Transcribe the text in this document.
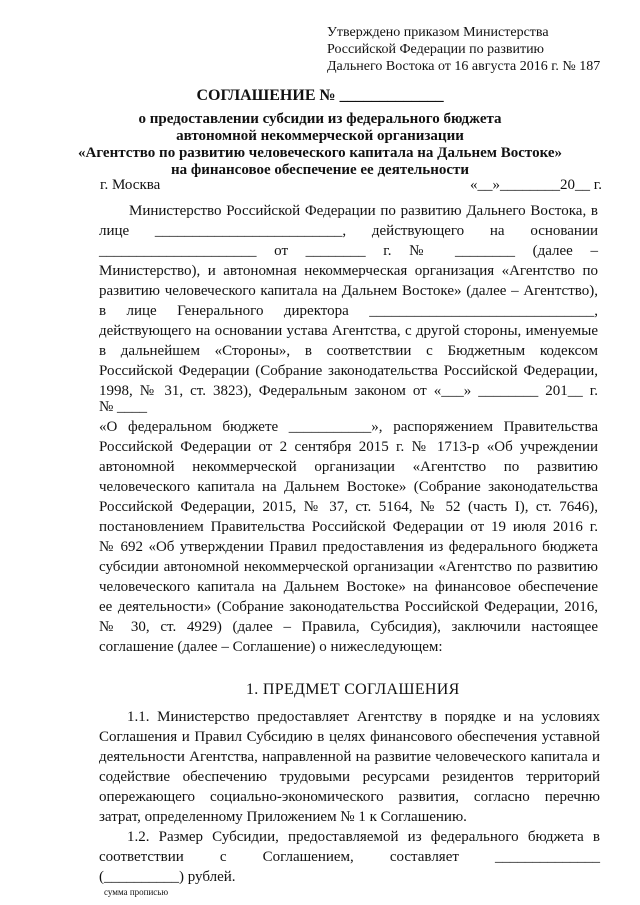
Утверждено приказом Министерства
Российской Федерации по развитию
Дальнего Востока от 16 августа 2016 г. № 187
СОГЛАШЕНИЕ № _____________
о предоставлении субсидии из федерального бюджета
автономной некоммерческой организации
«Агентство по развитию человеческого капитала на Дальнем Востоке»
на финансовое обеспечение ее деятельности
г. Москва	«__»________20__ г.
Министерство Российской Федерации по развитию Дальнего Востока, в
лице _________________________, действующего на основании
_____________________ от ________ г. № ________ (далее –
Министерство), и автономная некоммерческая организация «Агентство по
развитию человеческого капитала на Дальнем Востоке» (далее – Агентство),
в лице Генерального директора ______________________________,
действующего на основании устава Агентства, с другой стороны, именуемые
в дальнейшем «Стороны», в соответствии с Бюджетным кодексом
Российской Федерации (Собрание законодательства Российской Федерации,
1998, № 31, ст. 3823), Федеральным законом от «___» ________ 201__ г.
№ ____
«О федеральном бюджете ___________», распоряжением Правительства
Российской Федерации от 2 сентября 2015 г. № 1713-р «Об учреждении
автономной некоммерческой организации «Агентство по развитию
человеческого капитала на Дальнем Востоке» (Собрание законодательства
Российской Федерации, 2015, № 37, ст. 5164, № 52 (часть I), ст. 7646),
постановлением Правительства Российской Федерации от 19 июля 2016 г.
№ 692 «Об утверждении Правил предоставления из федерального бюджета
субсидии автономной некоммерческой организации «Агентство по развитию
человеческого капитала на Дальнем Востоке» на финансовое обеспечение
ее деятельности» (Собрание законодательства Российской Федерации, 2016,
№ 30, ст. 4929) (далее – Правила, Субсидия), заключили настоящее
соглашение (далее – Соглашение) о нижеследующем:
1. ПРЕДМЕТ СОГЛАШЕНИЯ
1.1. Министерство предоставляет Агентству в порядке и на условиях
Соглашения и Правил Субсидию в целях финансового обеспечения уставной
деятельности Агентства, направленной на развитие человеческого капитала и
содействие обеспечению трудовыми ресурсами резидентов территорий
опережающего социально-экономического развития, согласно перечню
затрат, определенному Приложением № 1 к Соглашению.
1.2. Размер Субсидии, предоставляемой из федерального бюджета в
соответствии с Соглашением, составляет ______________
(__________) рублей.
сумма прописью
